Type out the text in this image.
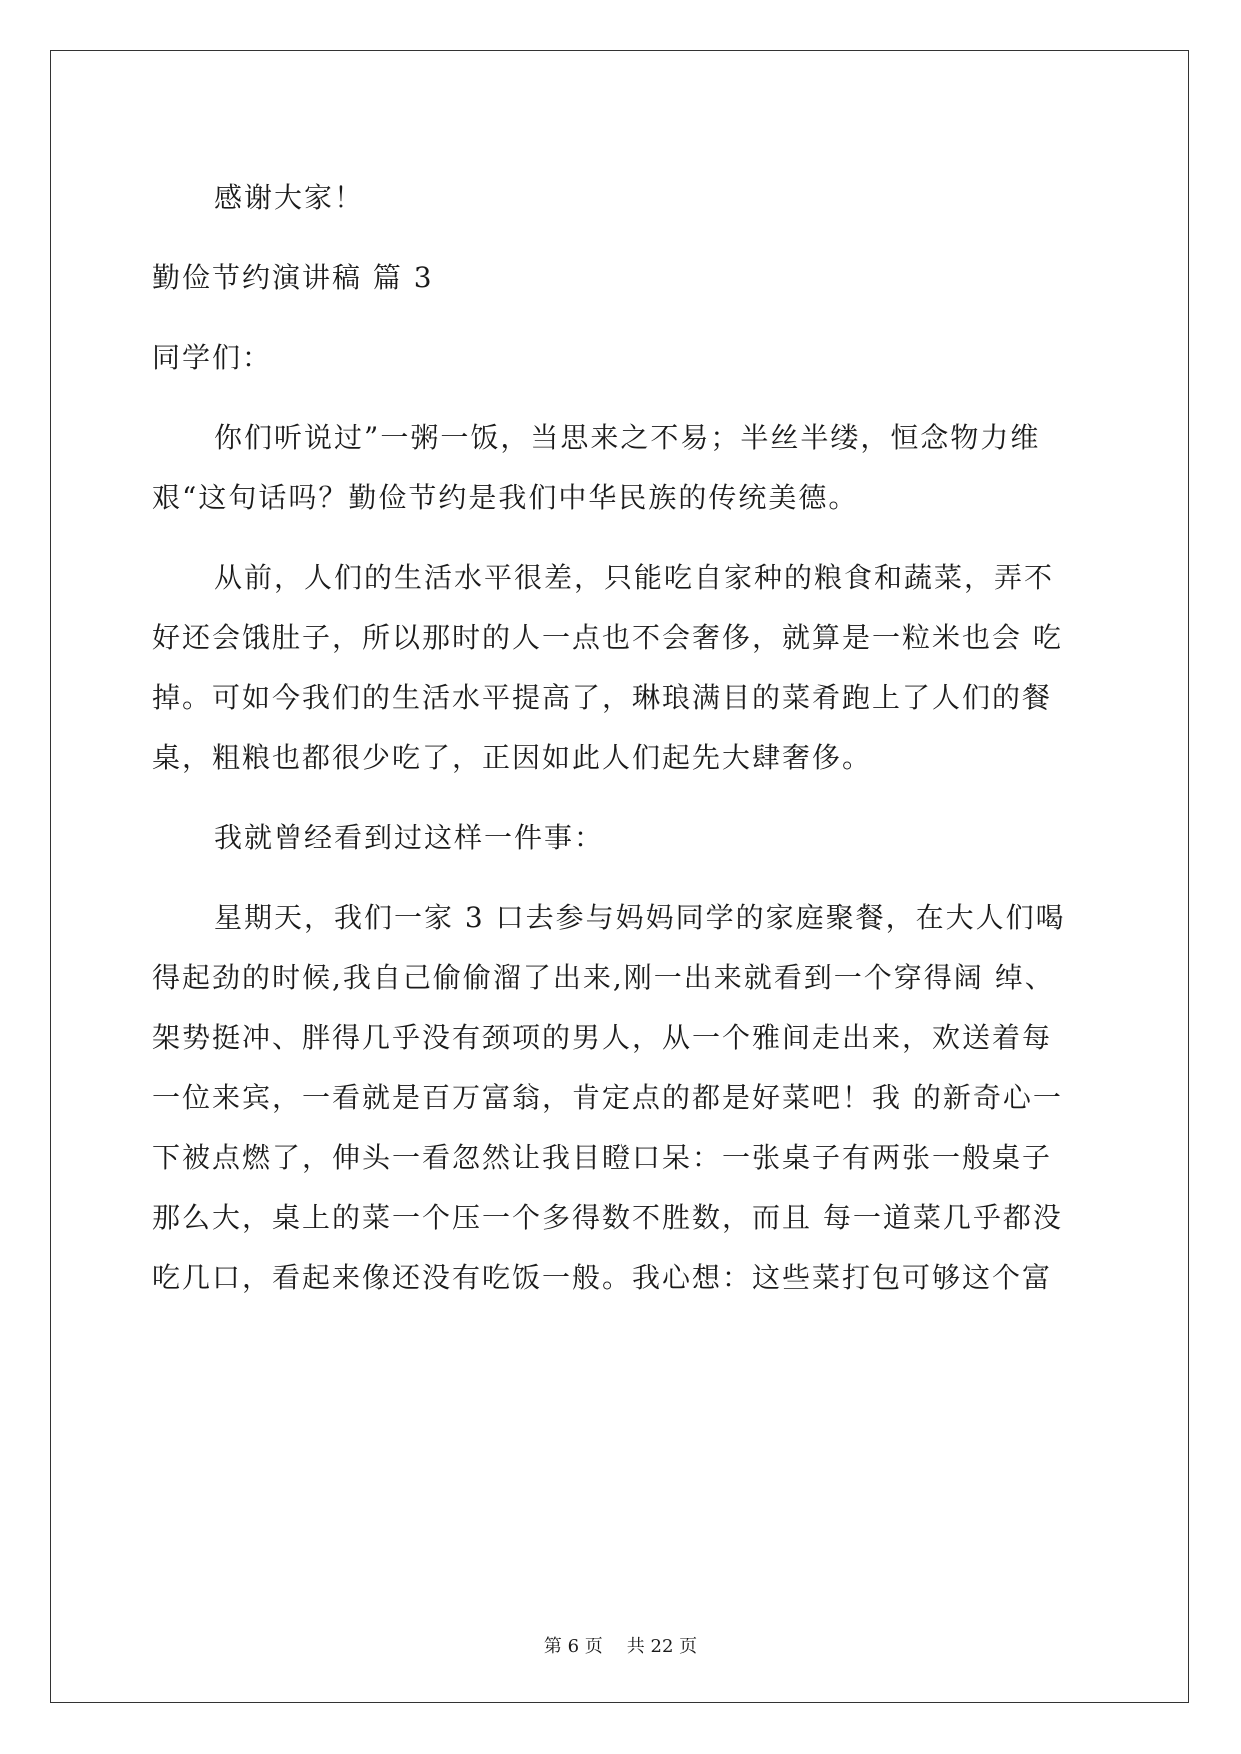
感谢大家！
勤俭节约演讲稿 篇 3
同学们：
你们听说过”一粥一饭，当思来之不易；半丝半缕，恒念物力维
艰“这句话吗？勤俭节约是我们中华民族的传统美德。
从前，人们的生活水平很差，只能吃自家种的粮食和蔬菜，弄不
好还会饿肚子，所以那时的人一点也不会奢侈，就算是一粒米也会 吃
掉。可如今我们的生活水平提高了，琳琅满目的菜肴跑上了人们的餐
桌，粗粮也都很少吃了，正因如此人们起先大肆奢侈。
我就曾经看到过这样一件事：
星期天，我们一家 3 口去参与妈妈同学的家庭聚餐，在大人们喝
得起劲的时候,我自己偷偷溜了出来,刚一出来就看到一个穿得阔 绰、
架势挺冲、胖得几乎没有颈项的男人，从一个雅间走出来，欢送着每
一位来宾，一看就是百万富翁，肯定点的都是好菜吧！我 的新奇心一
下被点燃了，伸头一看忽然让我目瞪口呆：一张桌子有两张一般桌子
那么大，桌上的菜一个压一个多得数不胜数，而且 每一道菜几乎都没
吃几口，看起来像还没有吃饭一般。我心想：这些菜打包可够这个富
第 6 页 共 22 页
